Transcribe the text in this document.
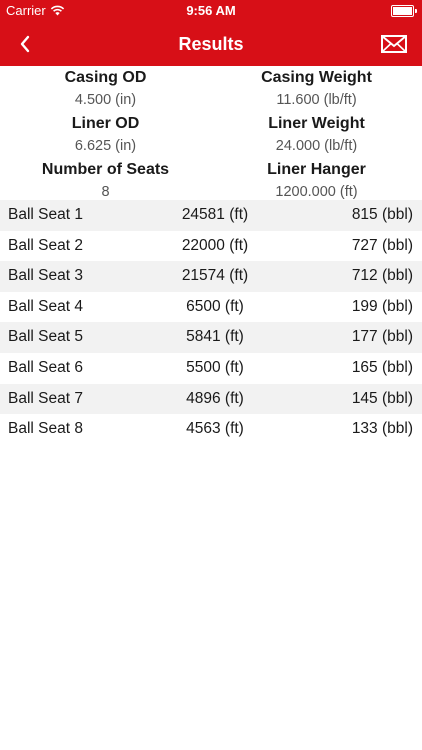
Carrier	9:56 AM
Results
Casing OD	Casing Weight
4.500 (in)	11.600 (lb/ft)
Liner OD	Liner Weight
6.625 (in)	24.000 (lb/ft)
Number of Seats	Liner Hanger
8	1200.000 (ft)
Ball Seat 1	24581 (ft)	815 (bbl)
Ball Seat 2	22000 (ft)	727 (bbl)
Ball Seat 3	21574 (ft)	712 (bbl)
Ball Seat 4	6500 (ft)	199 (bbl)
Ball Seat 5	5841 (ft)	177 (bbl)
Ball Seat 6	5500 (ft)	165 (bbl)
Ball Seat 7	4896 (ft)	145 (bbl)
Ball Seat 8	4563 (ft)	133 (bbl)
